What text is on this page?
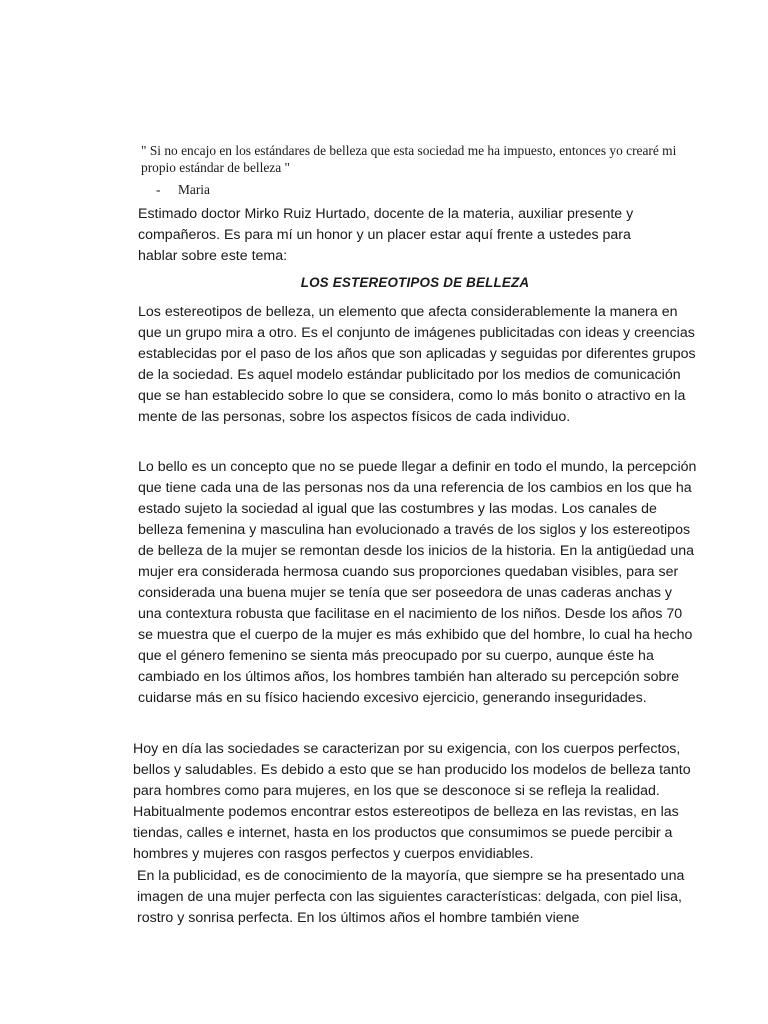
" Si no encajo en los estándares de belleza que esta sociedad me ha impuesto, entonces yo crearé mi propio estándar de belleza "

- Maria

Estimado doctor Mirko Ruiz Hurtado, docente de la materia, auxiliar presente y compañeros. Es para mí un honor y un placer estar aquí frente a ustedes para hablar sobre este tema:

LOS ESTEREOTIPOS DE BELLEZA

Los estereotipos de belleza, un elemento que afecta considerablemente la manera en que un grupo mira a otro. Es el conjunto de imágenes publicitadas con ideas y creencias establecidas por el paso de los años que son aplicadas y seguidas por diferentes grupos de la sociedad. Es aquel modelo estándar publicitado por los medios de comunicación que se han establecido sobre lo que se considera, como lo más bonito o atractivo en la mente de las personas, sobre los aspectos físicos de cada individuo.

Lo bello es un concepto que no se puede llegar a definir en todo el mundo, la percepción que tiene cada una de las personas nos da una referencia de los cambios en los que ha estado sujeto la sociedad al igual que las costumbres y las modas. Los canales de belleza femenina y masculina han evolucionado a través de los siglos y los estereotipos de belleza de la mujer se remontan desde los inicios de la historia. En la antigüedad una mujer era considerada hermosa cuando sus proporciones quedaban visibles, para ser considerada una buena mujer se tenía que ser poseedora de unas caderas anchas y una contextura robusta que facilitase en el nacimiento de los niños. Desde los años 70 se muestra que el cuerpo de la mujer es más exhibido que del hombre, lo cual ha hecho que el género femenino se sienta más preocupado por su cuerpo, aunque éste ha cambiado en los últimos años, los hombres también han alterado su percepción sobre cuidarse más en su físico haciendo excesivo ejercicio, generando inseguridades.

Hoy en día las sociedades se caracterizan por su exigencia, con los cuerpos perfectos, bellos y saludables. Es debido a esto que se han producido los modelos de belleza tanto para hombres como para mujeres, en los que se desconoce si se refleja la realidad. Habitualmente podemos encontrar estos estereotipos de belleza en las revistas, en las tiendas, calles e internet, hasta en los productos que consumimos se puede percibir a hombres y mujeres con rasgos perfectos y cuerpos envidiables.

En la publicidad, es de conocimiento de la mayoría, que siempre se ha presentado una imagen de una mujer perfecta con las siguientes características: delgada, con piel lisa, rostro y sonrisa perfecta. En los últimos años el hombre también viene
